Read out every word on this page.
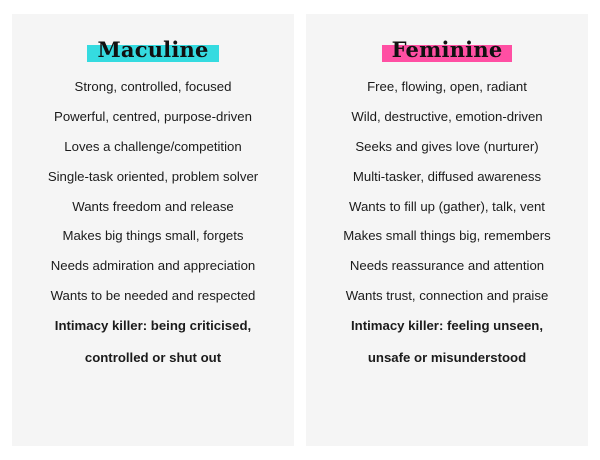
Maculine

Strong, controlled, focused

Powerful, centred, purpose-driven

Loves a challenge/competition

Single-task oriented, problem solver

Wants freedom and release

Makes big things small, forgets

Needs admiration and appreciation

Wants to be needed and respected

Intimacy killer: being criticised,

controlled or shut out

Feminine

Free, flowing, open, radiant

Wild, destructive, emotion-driven

Seeks and gives love (nurturer)

Multi-tasker, diffused awareness

Wants to fill up (gather), talk, vent

Makes small things big, remembers

Needs reassurance and attention

Wants trust, connection and praise

Intimacy killer: feeling unseen,

unsafe or misunderstood
